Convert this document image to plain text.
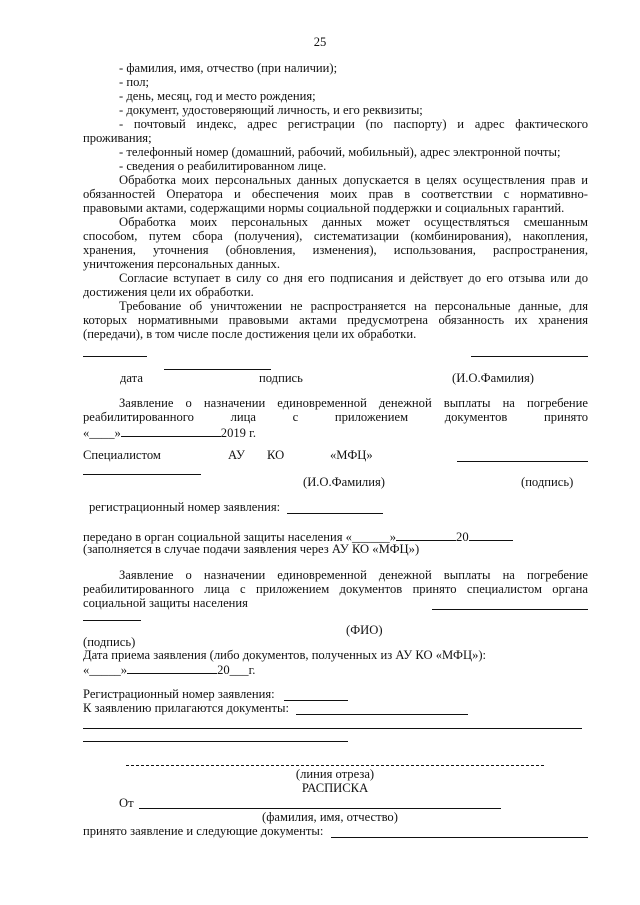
25
- фамилия, имя, отчество (при наличии);
- пол;
- день, месяц, год и место рождения;
- документ, удостоверяющий личность, и его реквизиты;
- почтовый индекс, адрес регистрации (по паспорту) и адрес фактического
проживания;
- телефонный номер (домашний, рабочий, мобильный), адрес электронной почты;
- сведения о реабилитированном лице.
Обработка моих персональных данных допускается в целях осуществления прав и
обязанностей Оператора и обеспечения моих прав в соответствии с нормативно-
правовыми актами, содержащими нормы социальной поддержки и социальных гарантий.
Обработка моих персональных данных может осуществляться смешанным
способом, путем сбора (получения), систематизации (комбинирования), накопления,
хранения, уточнения (обновления, изменения), использования, распространения,
уничтожения персональных данных.
Согласие вступает в силу со дня его подписания и действует до его отзыва или до
достижения цели их обработки.
Требование об уничтожении не распространяется на персональные данные, для
которых нормативными правовыми актами предусмотрена обязанность их хранения
(передачи), в том числе после достижения цели их обработки.
дата	подпись	(И.О.Фамилия)
Заявление о назначении единовременной денежной выплаты на погребение
реабилитированного лица с приложением документов принято
«____»	2019 г.
Специалистом	АУ КО	«МФЦ»
(И.О.Фамилия)	(подпись)
регистрационный номер заявления:
передано в орган социальной защиты населения «______»	20
(заполняется в случае подачи заявления через АУ КО «МФЦ»)
Заявление о назначении единовременной денежной выплаты на погребение
реабилитированного лица с приложением документов принято специалистом органа
социальной защиты населения
(ФИО)
(подпись)
Дата приема заявления (либо документов, полученных из АУ КО «МФЦ»):
«_____»	20___г.
Регистрационный номер заявления:
К заявлению прилагаются документы:
(линия отреза)
РАСПИСКА
От
(фамилия, имя, отчество)
принято заявление и следующие документы:
